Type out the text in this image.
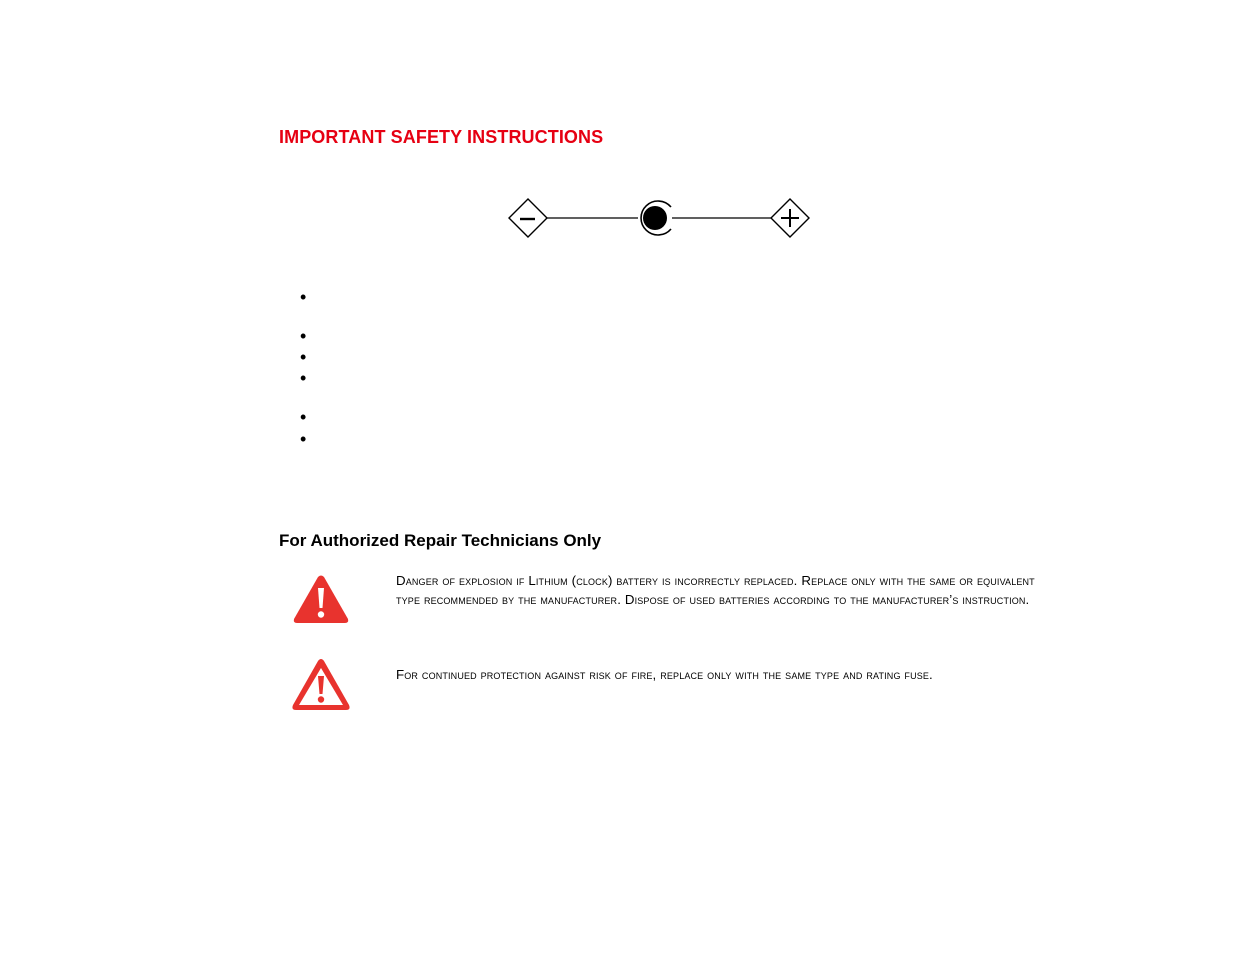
IMPORTANT SAFETY INSTRUCTIONS
•
•
•
•
•
•
For Authorized Repair Technicians Only
Danger of explosion if Lithium (clock) battery is incorrectly replaced. Replace only with the same or equivalent type recommended by the manufacturer. Dispose of used batteries according to the manufacturer’s instruction.
For continued protection against risk of fire, replace only with the same type and rating fuse.
